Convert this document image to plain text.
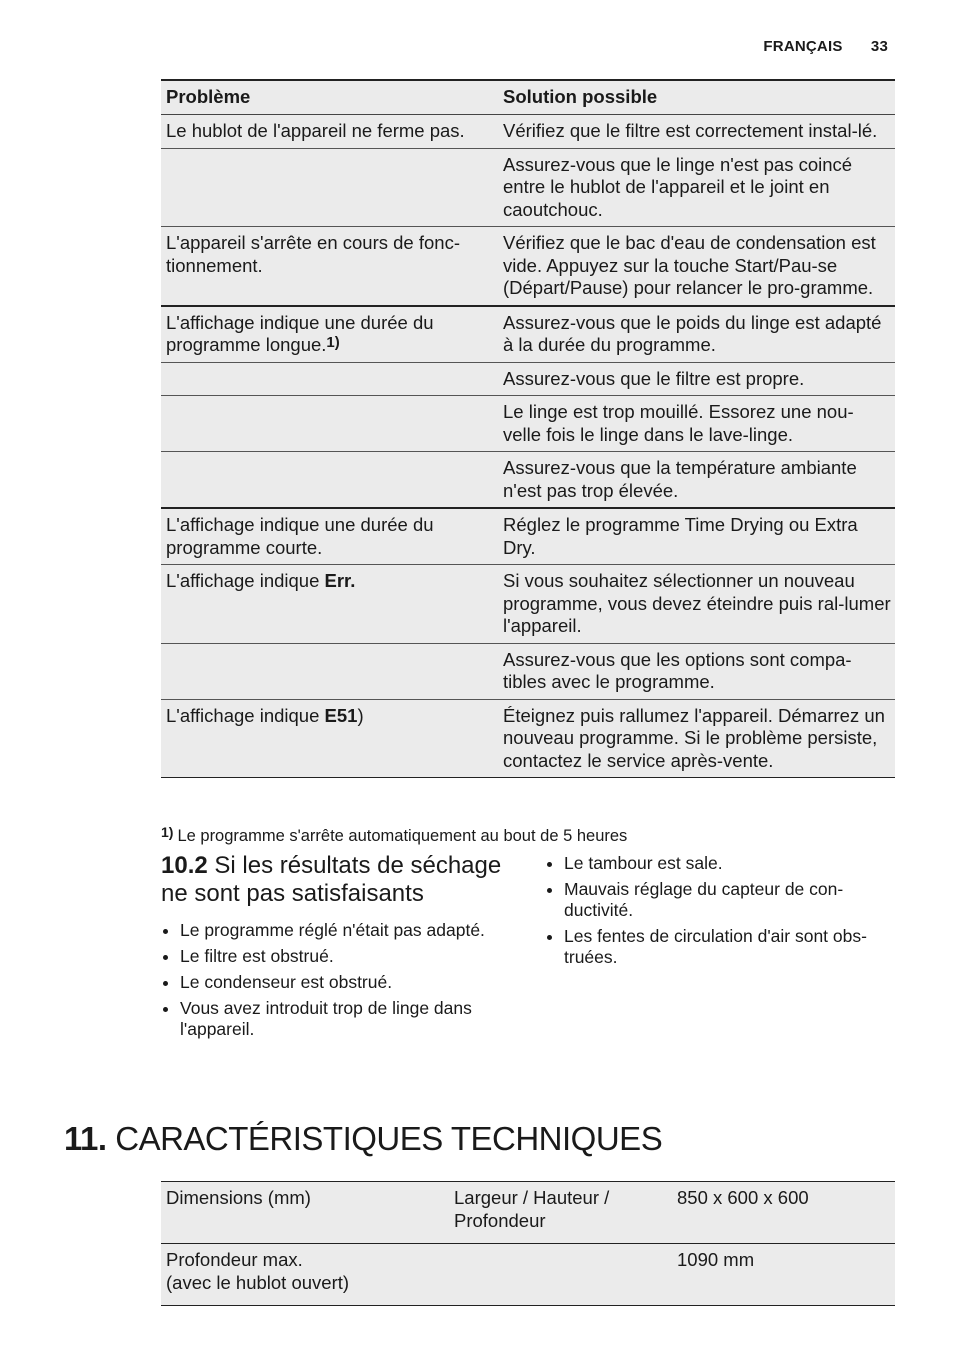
FRANÇAIS 33
Problème	Solution possible
Le hublot de l'appareil ne ferme pas.	Vérifiez que le filtre est correctement instal-lé.
	Assurez-vous que le linge n'est pas coincé entre le hublot de l'appareil et le joint en caoutchouc.
L'appareil s'arrête en cours de fonc-tionnement.	Vérifiez que le bac d'eau de condensation est vide. Appuyez sur la touche Start/Pau-se (Départ/Pause) pour relancer le pro-gramme.
L'affichage indique une durée du programme longue.$^{1)}$	Assurez-vous que le poids du linge est adapté à la durée du programme.
	Assurez-vous que le filtre est propre.
	Le linge est trop mouillé. Essorez une nou-velle fois le linge dans le lave-linge.
	Assurez-vous que la température ambiante n'est pas trop élevée.
L'affichage indique une durée du programme courte.	Réglez le programme Time Drying ou Extra Dry.
L'affichage indique Err.	Si vous souhaitez sélectionner un nouveau programme, vous devez éteindre puis ral-lumer l'appareil.
	Assurez-vous que les options sont compa-tibles avec le programme.
L'affichage indique E51)	Éteignez puis rallumez l'appareil. Démarrez un nouveau programme. Si le problème persiste, contactez le service après-vente.
$^{1)}$ Le programme s'arrête automatiquement au bout de 5 heures
10.2 Si les résultats de séchage ne sont pas satisfaisants
Le programme réglé n'était pas adapté.
Le filtre est obstrué.
Le condenseur est obstrué.
Vous avez introduit trop de linge dans l'appareil.
Le tambour est sale.
Mauvais réglage du capteur de con-ductivité.
Les fentes de circulation d'air sont obs-truées.
11. CARACTÉRISTIQUES TECHNIQUES
Dimensions (mm)	Largeur / Hauteur / Profondeur	850 x 600 x 600

Profondeur max.
(avec le hublot ouvert)		1090 mm
